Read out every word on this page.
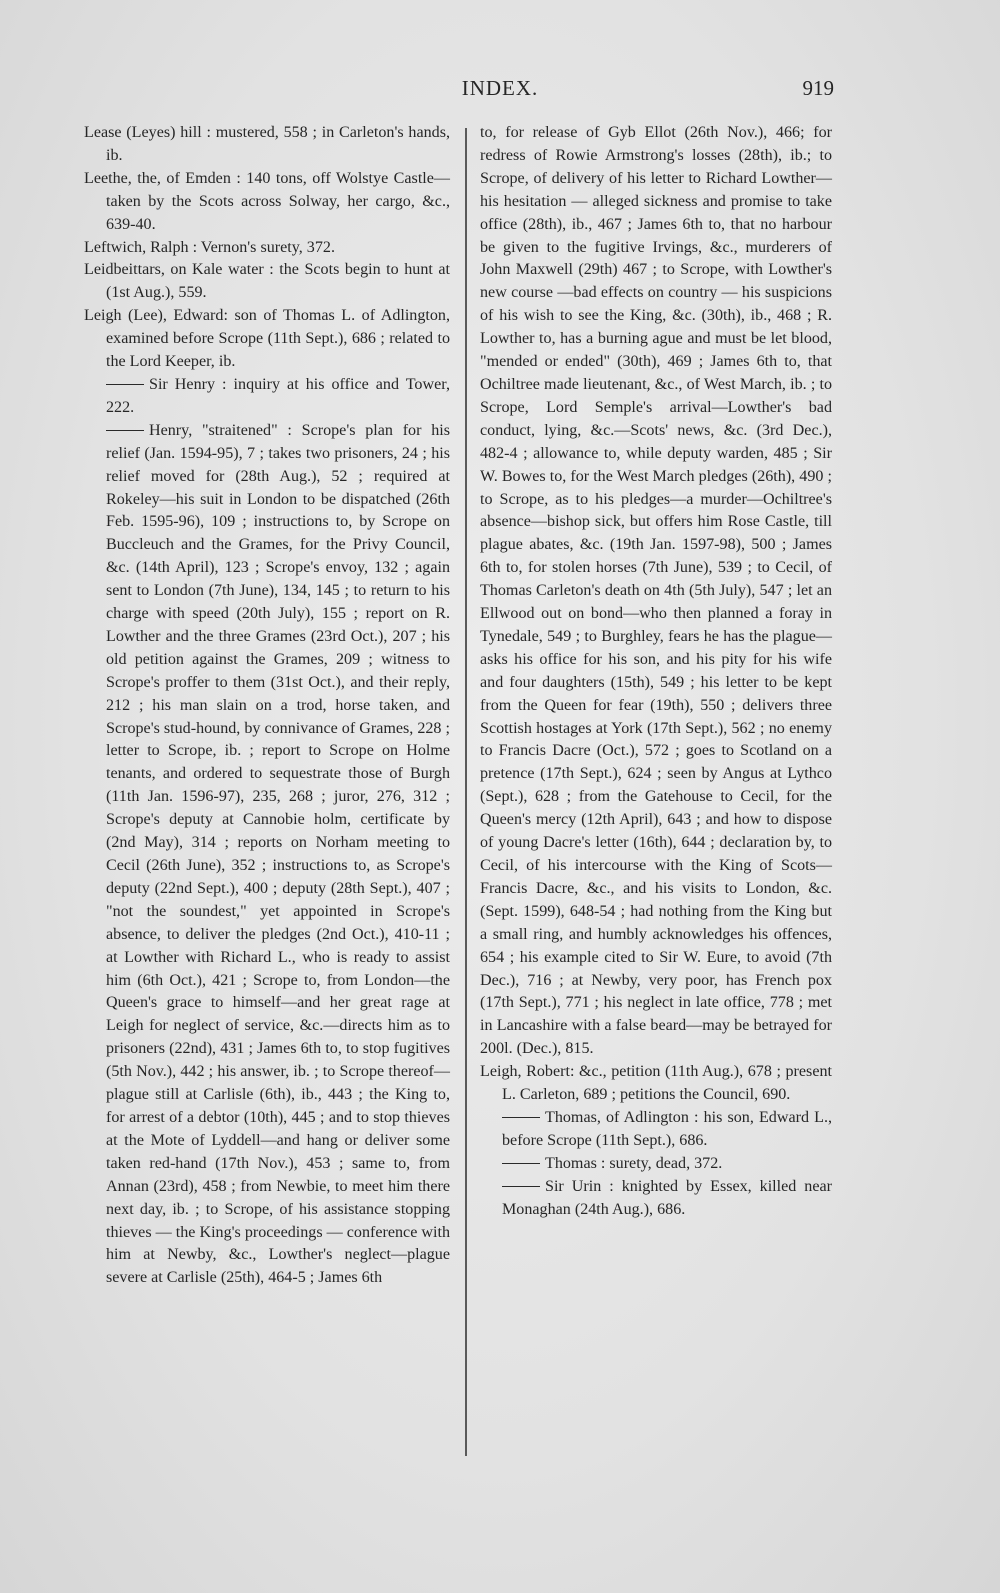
INDEX.	919

Lease (Leyes) hill : mustered, 558 ; in Carleton's hands, ib.

Leethe, the, of Emden : 140 tons, off Wolstye Castle—taken by the Scots across Solway, her cargo, &c., 639-40.

Leftwich, Ralph : Vernon's surety, 372.

Leidbeittars, on Kale water : the Scots begin to hunt at (1st Aug.), 559.

Leigh (Lee), Edward: son of Thomas L. of Adlington, examined before Scrope (11th Sept.), 686 ; related to the Lord Keeper, ib.

Sir Henry : inquiry at his office and Tower, 222.

Henry, "straitened" : Scrope's plan for his relief (Jan. 1594-95), 7 ; takes two prisoners, 24 ; his relief moved for (28th Aug.), 52 ; required at Rokeley—his suit in London to be dispatched (26th Feb. 1595-96), 109 ; instructions to, by Scrope on Buccleuch and the Grames, for the Privy Council, &c. (14th April), 123 ; Scrope's envoy, 132 ; again sent to London (7th June), 134, 145 ; to return to his charge with speed (20th July), 155 ; report on R. Lowther and the three Grames (23rd Oct.), 207 ; his old petition against the Grames, 209 ; witness to Scrope's proffer to them (31st Oct.), and their reply, 212 ; his man slain on a trod, horse taken, and Scrope's stud-hound, by connivance of Grames, 228 ; letter to Scrope, ib. ; report to Scrope on Holme tenants, and ordered to sequestrate those of Burgh (11th Jan. 1596-97), 235, 268 ; juror, 276, 312 ; Scrope's deputy at Cannobie holm, certificate by (2nd May), 314 ; reports on Norham meeting to Cecil (26th June), 352 ; instructions to, as Scrope's deputy (22nd Sept.), 400 ; deputy (28th Sept.), 407 ; "not the soundest," yet appointed in Scrope's absence, to deliver the pledges (2nd Oct.), 410-11 ; at Lowther with Richard L., who is ready to assist him (6th Oct.), 421 ; Scrope to, from London—the Queen's grace to himself—and her great rage at Leigh for neglect of service, &c.—directs him as to prisoners (22nd), 431 ; James 6th to, to stop fugitives (5th Nov.), 442 ; his answer, ib. ; to Scrope thereof—plague still at Carlisle (6th), ib., 443 ; the King to, for arrest of a debtor (10th), 445 ; and to stop thieves at the Mote of Lyddell—and hang or deliver some taken red-hand (17th Nov.), 453 ; same to, from Annan (23rd), 458 ; from Newbie, to meet him there next day, ib. ; to Scrope, of his assistance stopping thieves — the King's proceedings — conference with him at Newby, &c., Lowther's neglect—plague severe at Carlisle (25th), 464-5 ; James 6th

to, for release of Gyb Ellot (26th Nov.), 466; for redress of Rowie Armstrong's losses (28th), ib.; to Scrope, of delivery of his letter to Richard Lowther—his hesitation — alleged sickness and promise to take office (28th), ib., 467 ; James 6th to, that no harbour be given to the fugitive Irvings, &c., murderers of John Maxwell (29th) 467 ; to Scrope, with Lowther's new course —bad effects on country — his suspicions of his wish to see the King, &c. (30th), ib., 468 ; R. Lowther to, has a burning ague and must be let blood, "mended or ended" (30th), 469 ; James 6th to, that Ochiltree made lieutenant, &c., of West March, ib. ; to Scrope, Lord Semple's arrival—Lowther's bad conduct, lying, &c.—Scots' news, &c. (3rd Dec.), 482-4 ; allowance to, while deputy warden, 485 ; Sir W. Bowes to, for the West March pledges (26th), 490 ; to Scrope, as to his pledges—a murder—Ochiltree's absence—bishop sick, but offers him Rose Castle, till plague abates, &c. (19th Jan. 1597-98), 500 ; James 6th to, for stolen horses (7th June), 539 ; to Cecil, of Thomas Carleton's death on 4th (5th July), 547 ; let an Ellwood out on bond—who then planned a foray in Tynedale, 549 ; to Burghley, fears he has the plague—asks his office for his son, and his pity for his wife and four daughters (15th), 549 ; his letter to be kept from the Queen for fear (19th), 550 ; delivers three Scottish hostages at York (17th Sept.), 562 ; no enemy to Francis Dacre (Oct.), 572 ; goes to Scotland on a pretence (17th Sept.), 624 ; seen by Angus at Lythco (Sept.), 628 ; from the Gatehouse to Cecil, for the Queen's mercy (12th April), 643 ; and how to dispose of young Dacre's letter (16th), 644 ; declaration by, to Cecil, of his intercourse with the King of Scots—Francis Dacre, &c., and his visits to London, &c. (Sept. 1599), 648-54 ; had nothing from the King but a small ring, and humbly acknowledges his offences, 654 ; his example cited to Sir W. Eure, to avoid (7th Dec.), 716 ; at Newby, very poor, has French pox (17th Sept.), 771 ; his neglect in late office, 778 ; met in Lancashire with a false beard—may be betrayed for 200l. (Dec.), 815.

Leigh, Robert: &c., petition (11th Aug.), 678 ; present L. Carleton, 689 ; petitions the Council, 690.

Thomas, of Adlington : his son, Edward L., before Scrope (11th Sept.), 686.

Thomas : surety, dead, 372.

Sir Urin : knighted by Essex, killed near Monaghan (24th Aug.), 686.
